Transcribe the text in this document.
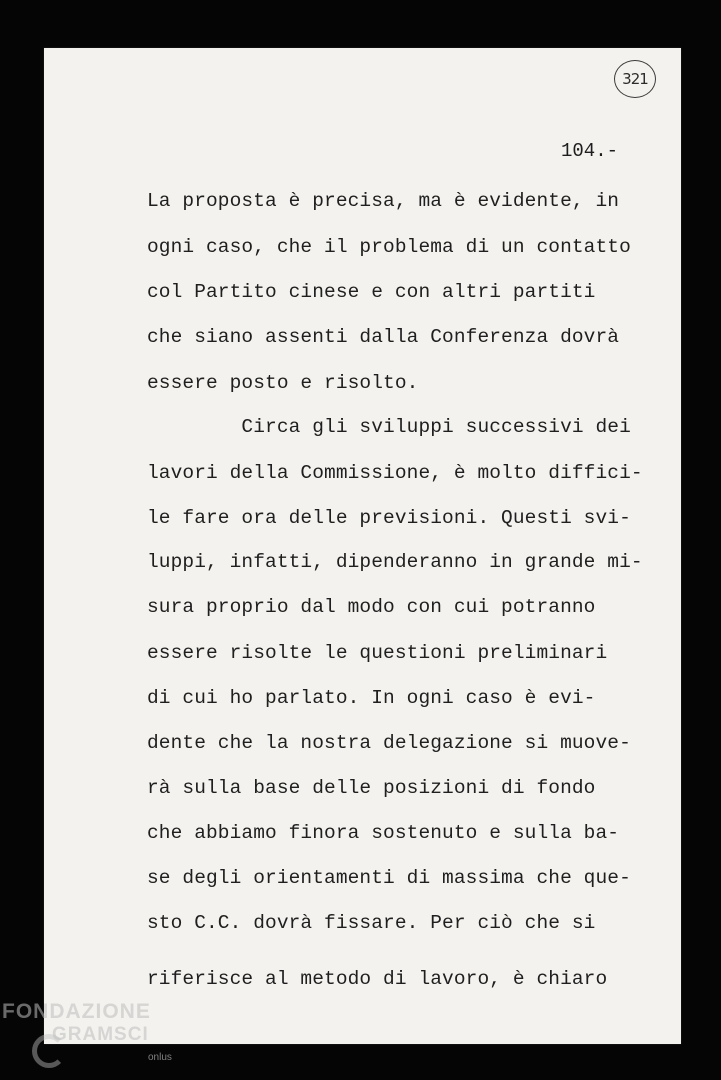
321
104.-
La proposta è precisa, ma è evidente, in
ogni caso, che il problema di un contatto
col Partito cinese e con altri partiti
che siano assenti dalla Conferenza dovrà
essere posto e risolto.
Circa gli sviluppi successivi dei
lavori della Commissione, è molto diffici-
le fare ora delle previsioni. Questi svi-
luppi, infatti, dipenderanno in grande mi-
sura proprio dal modo con cui potranno
essere risolte le questioni preliminari
di cui ho parlato. In ogni caso è evi-
dente che la nostra delegazione si muove-
rà sulla base delle posizioni di fondo
che abbiamo finora sostenuto e sulla ba-
se degli orientamenti di massima che que-
sto C.C. dovrà fissare. Per ciò che si
riferisce al metodo di lavoro, è chiaro
FONDAZIONE
GRAMSCI
onlus
